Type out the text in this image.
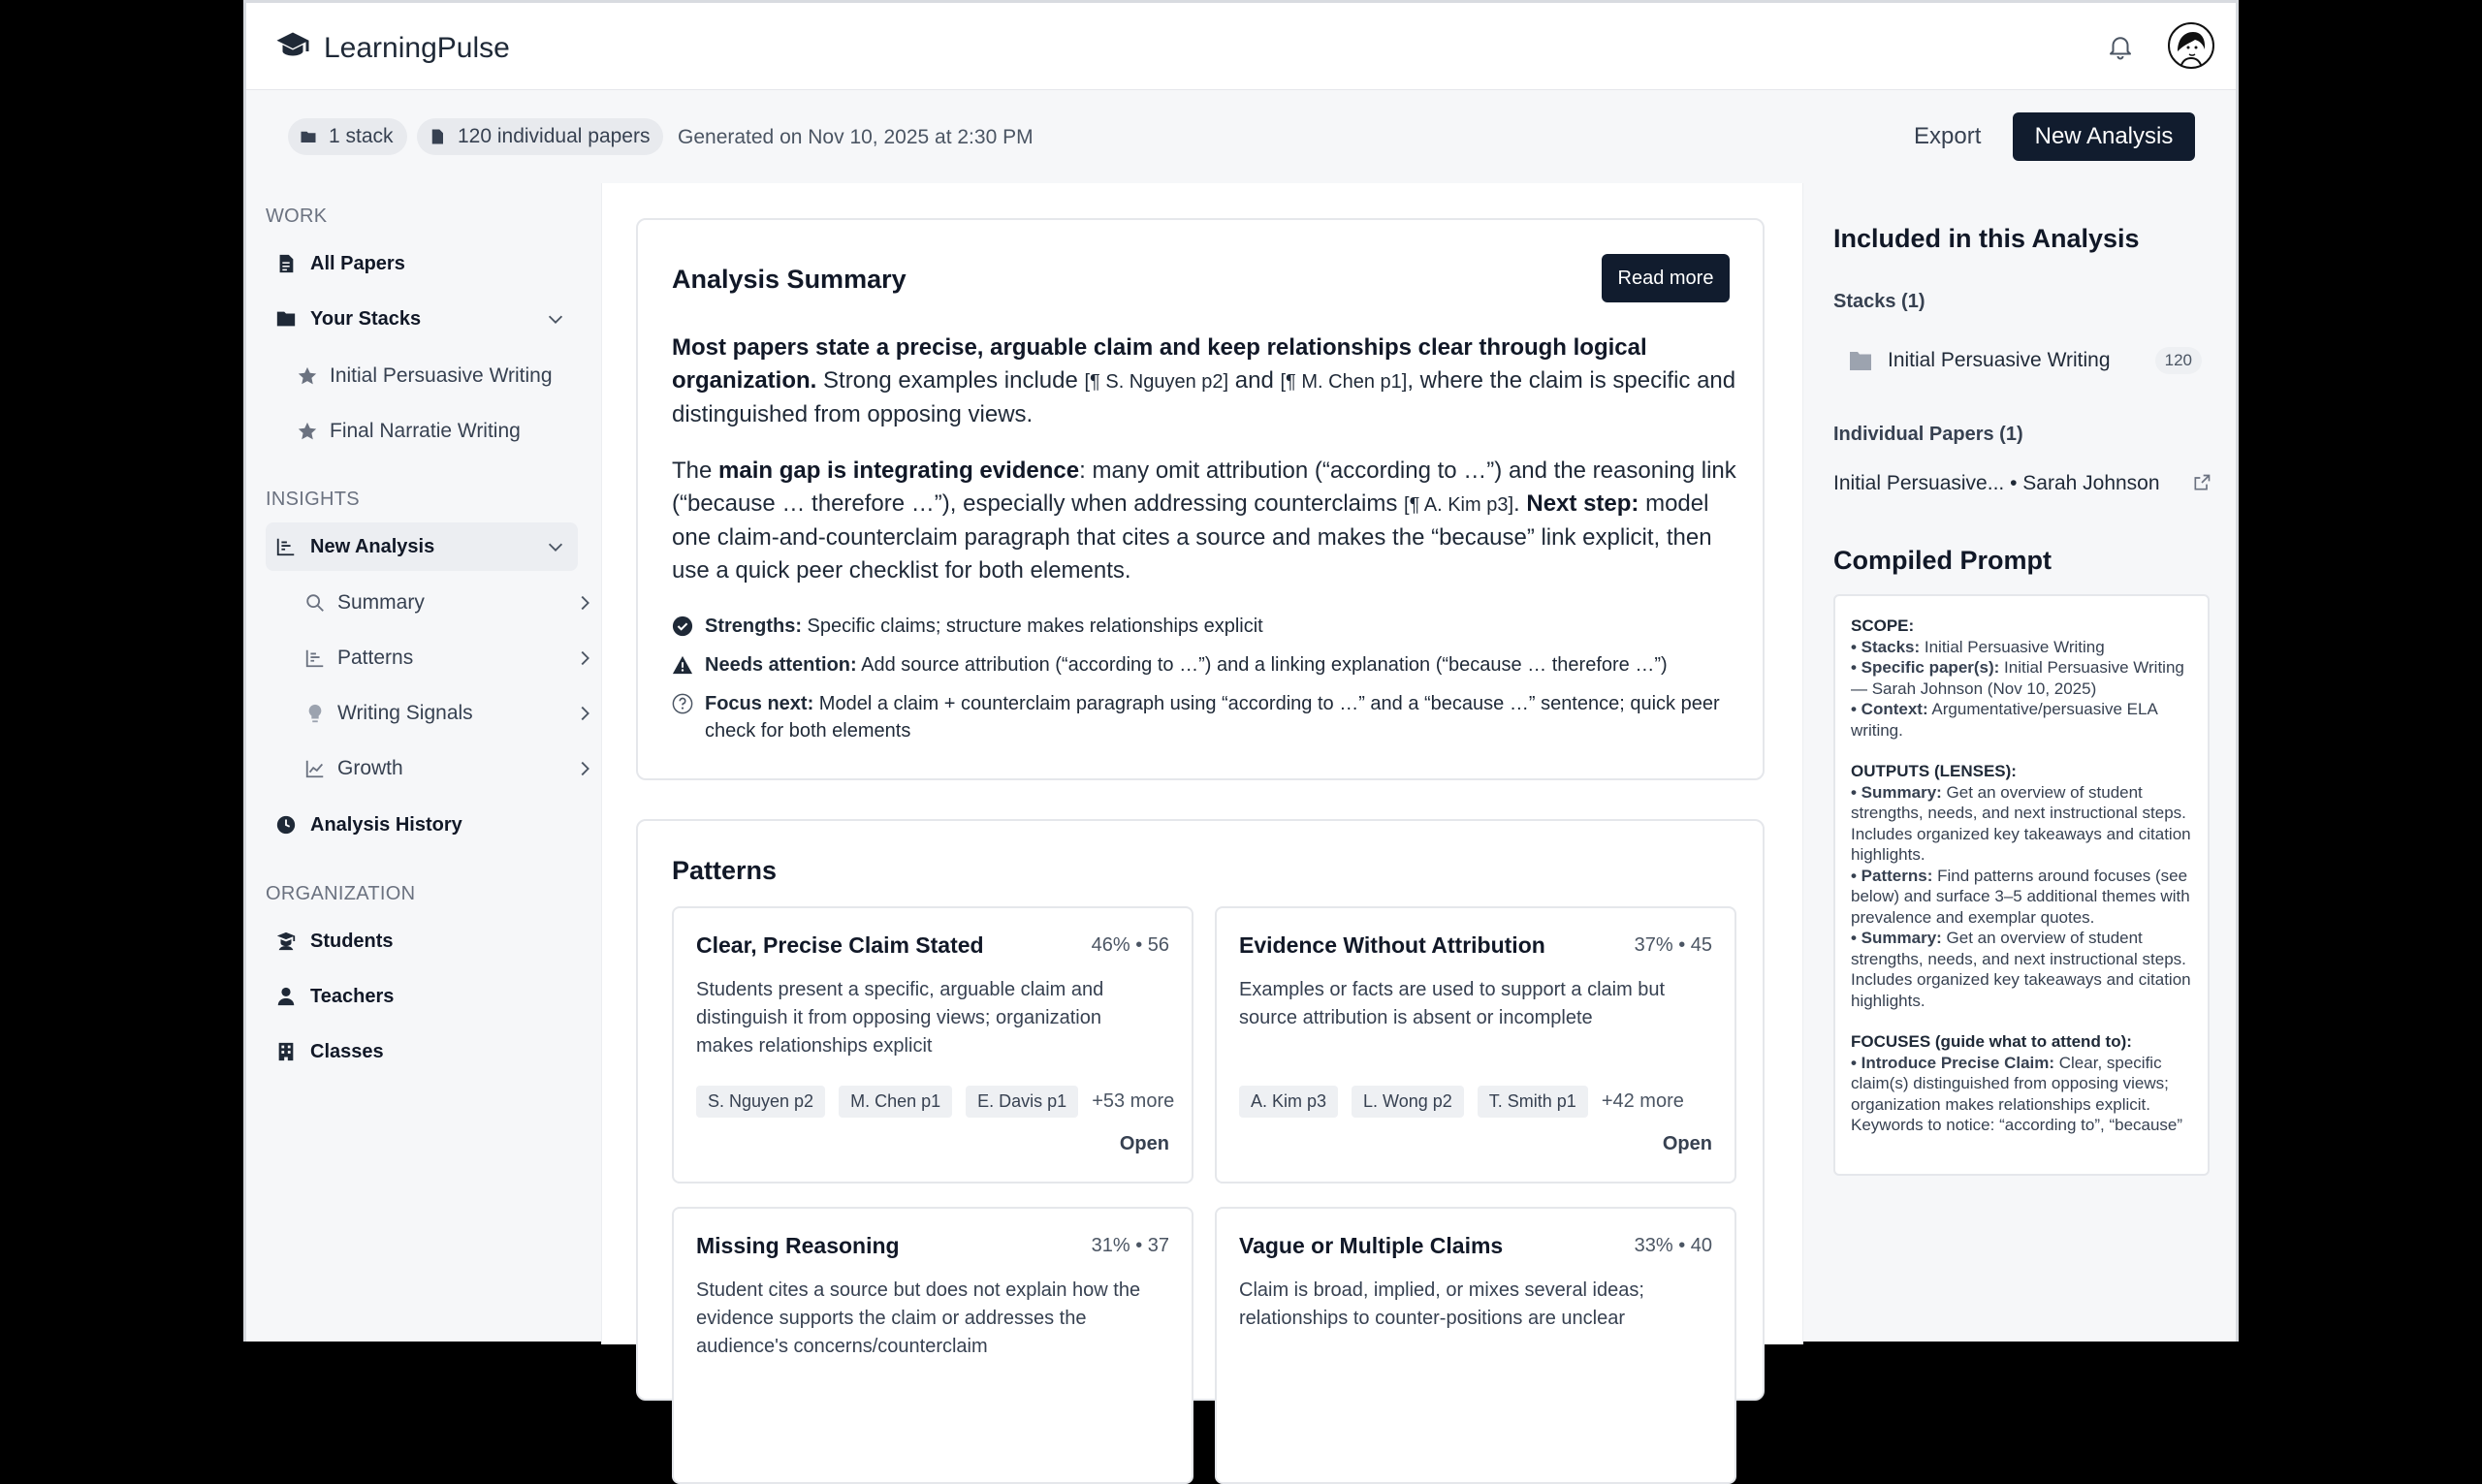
LearningPulse
1 stack	120 individual papers Generated on Nov 10, 2025 at 2:30 PM	Export	New Analysis
WORK
All Papers
Your Stacks
Initial Persuasive Writing
Final Narratie Writing
INSIGHTS
New Analysis
Summary
Patterns
Writing Signals
Growth
Analysis History
ORGANIZATION
Students
Teachers
Classes
Analysis Summary	Read more
Most papers state a precise, arguable claim and keep relationships clear through logical organization. Strong examples include [¶ S. Nguyen p2] and [¶ M. Chen p1], where the claim is specific and distinguished from opposing views.
The main gap is integrating evidence: many omit attribution (“according to …”) and the reasoning link (“because … therefore …”), especially when addressing counterclaims [¶ A. Kim p3]. Next step: model one claim-and-counterclaim paragraph that cites a source and makes the “because” link explicit, then use a quick peer checklist for both elements.
Strengths: Specific claims; structure makes relationships explicit
Needs attention: Add source attribution (“according to …”) and a linking explanation (“because … therefore …”)
Focus next: Model a claim + counterclaim paragraph using “according to …” and a “because …” sentence; quick peer check for both elements
Patterns
Clear, Precise Claim Stated	46% • 56
Students present a specific, arguable claim and distinguish it from opposing views; organization makes relationships explicit
S. Nguyen p2	M. Chen p1	E. Davis p1	+53 more
Open
Evidence Without Attribution	37% • 45
Examples or facts are used to support a claim but source attribution is absent or incomplete
A. Kim p3	L. Wong p2	T. Smith p1	+42 more
Open
Missing Reasoning	31% • 37
Student cites a source but does not explain how the evidence supports the claim or addresses the audience's concerns/counterclaim
Vague or Multiple Claims	33% • 40
Claim is broad, implied, or mixes several ideas; relationships to counter-positions are unclear
Included in this Analysis
Stacks (1)
Initial Persuasive Writing	120
Individual Papers (1)
Initial Persuasive... • Sarah Johnson
Compiled Prompt
SCOPE:
• Stacks: Initial Persuasive Writing
• Specific paper(s): Initial Persuasive Writing — Sarah Johnson (Nov 10, 2025)
• Context: Argumentative/persuasive ELA writing.
OUTPUTS (LENSES):
• Summary: Get an overview of student strengths, needs, and next instructional steps. Includes organized key takeaways and citation highlights.
• Patterns: Find patterns around focuses (see below) and surface 3–5 additional themes with prevalence and exemplar quotes.
• Summary: Get an overview of student strengths, needs, and next instructional steps. Includes organized key takeaways and citation highlights.
FOCUSES (guide what to attend to):
• Introduce Precise Claim: Clear, specific claim(s) distinguished from opposing views; organization makes relationships explicit. Keywords to notice: “according to”, “because”
